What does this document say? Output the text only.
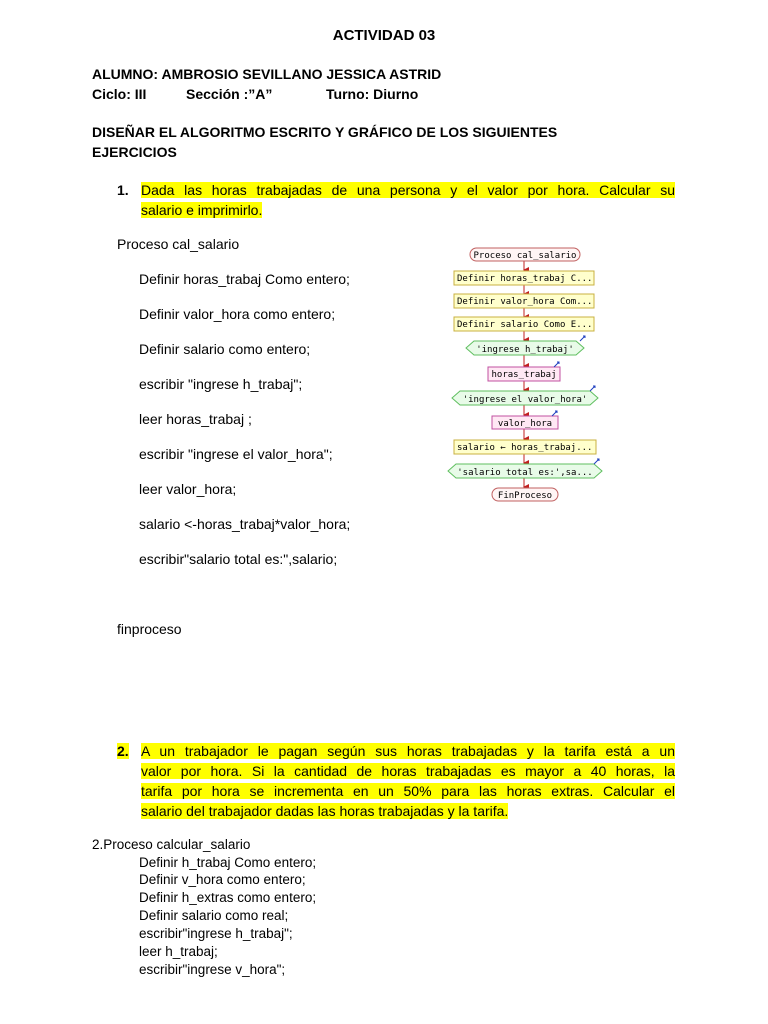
ACTIVIDAD 03
ALUMNO: AMBROSIO SEVILLANO JESSICA ASTRID
Ciclo: III	Sección :”A”	Turno: Diurno
DISEÑAR EL ALGORITMO ESCRITO Y GRÁFICO DE LOS SIGUIENTES
EJERCICIOS
1. Dada las horas trabajadas de una persona y el valor por hora. Calcular su
salario e imprimirlo.
Proceso cal_salario
Definir horas_trabaj Como entero;
Definir valor_hora como entero;
Definir salario como entero;
escribir "ingrese h_trabaj";
leer horas_trabaj ;
escribir "ingrese el valor_hora";
leer valor_hora;
salario <-horas_trabaj*valor_hora;
escribir"salario total es:",salario;
finproceso
Proceso cal_salario
Definir horas_trabaj C...
Definir valor_hora Com...
Definir salario Como E...
'ingrese h_trabaj'
horas_trabaj
'ingrese el valor_hora'
valor_hora
salario ← horas_trabaj...
'salario total es:',sa...
FinProceso
2. A un trabajador le pagan según sus horas trabajadas y la tarifa está a un
valor por hora. Si la cantidad de horas trabajadas es mayor a 40 horas, la
tarifa por hora se incrementa en un 50% para las horas extras. Calcular el
salario del trabajador dadas las horas trabajadas y la tarifa.
2.Proceso calcular_salario
Definir h_trabaj Como entero;
Definir v_hora como entero;
Definir h_extras como entero;
Definir salario como real;
escribir"ingrese h_trabaj";
leer h_trabaj;
escribir"ingrese v_hora";
